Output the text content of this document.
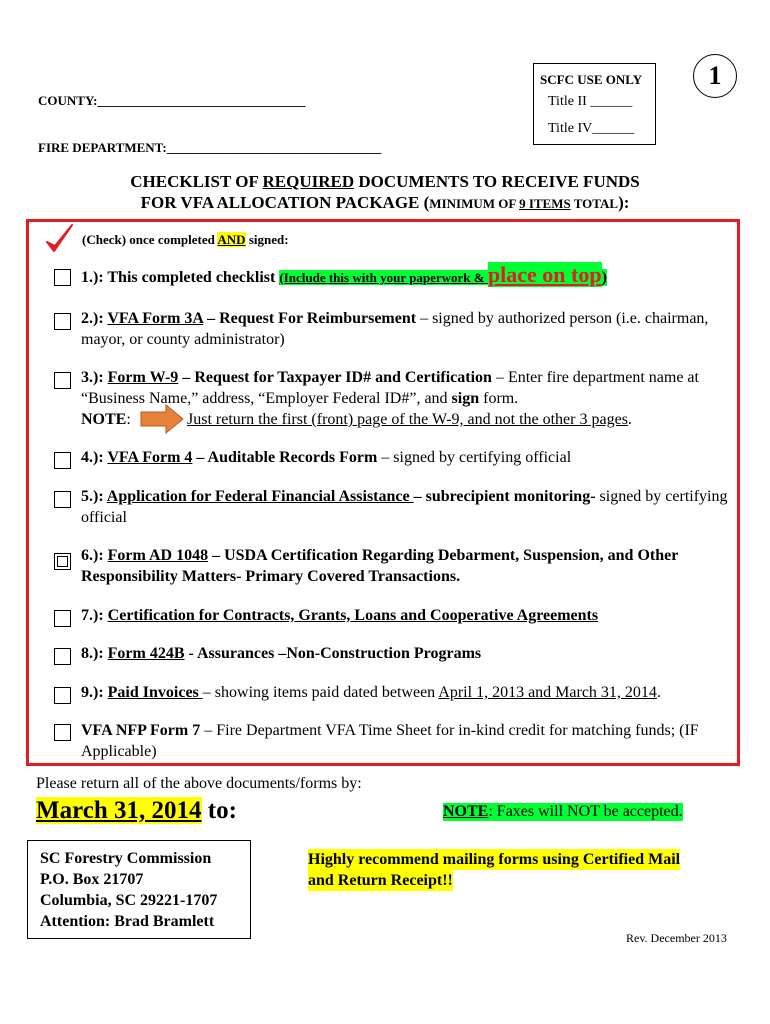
COUNTY:________________________________
FIRE DEPARTMENT:_________________________________
SCFC USE ONLY
Title II ______
Title IV______
1
CHECKLIST OF REQUIRED DOCUMENTS TO RECEIVE FUNDS
FOR VFA ALLOCATION PACKAGE (MINIMUM OF 9 ITEMS TOTAL):
(Check) once completed AND signed:
1.): This completed checklist (Include this with your paperwork & place on top)
2.): VFA Form 3A – Request For Reimbursement – signed by authorized person (i.e. chairman, mayor, or county administrator)
3.): Form W-9 – Request for Taxpayer ID# and Certification – Enter fire department name at “Business Name,” address, “Employer Federal ID#”, and sign form.
NOTE:	Just return the first (front) page of the W-9, and not the other 3 pages.
4.): VFA Form 4 – Auditable Records Form – signed by certifying official
5.): Application for Federal Financial Assistance – subrecipient monitoring- signed by certifying official
6.): Form AD 1048 – USDA Certification Regarding Debarment, Suspension, and Other Responsibility Matters- Primary Covered Transactions.
7.): Certification for Contracts, Grants, Loans and Cooperative Agreements
8.): Form 424B - Assurances –Non-Construction Programs
9.): Paid Invoices – showing items paid dated between April 1, 2013 and March 31, 2014.
VFA NFP Form 7 – Fire Department VFA Time Sheet for in-kind credit for matching funds; (IF Applicable)
Please return all of the above documents/forms by:
March 31, 2014 to:	NOTE: Faxes will NOT be accepted.
SC Forestry Commission
P.O. Box 21707
Columbia, SC 29221-1707
Attention: Brad Bramlett
Highly recommend mailing forms using Certified Mail
and Return Receipt!!
Rev. December 2013
